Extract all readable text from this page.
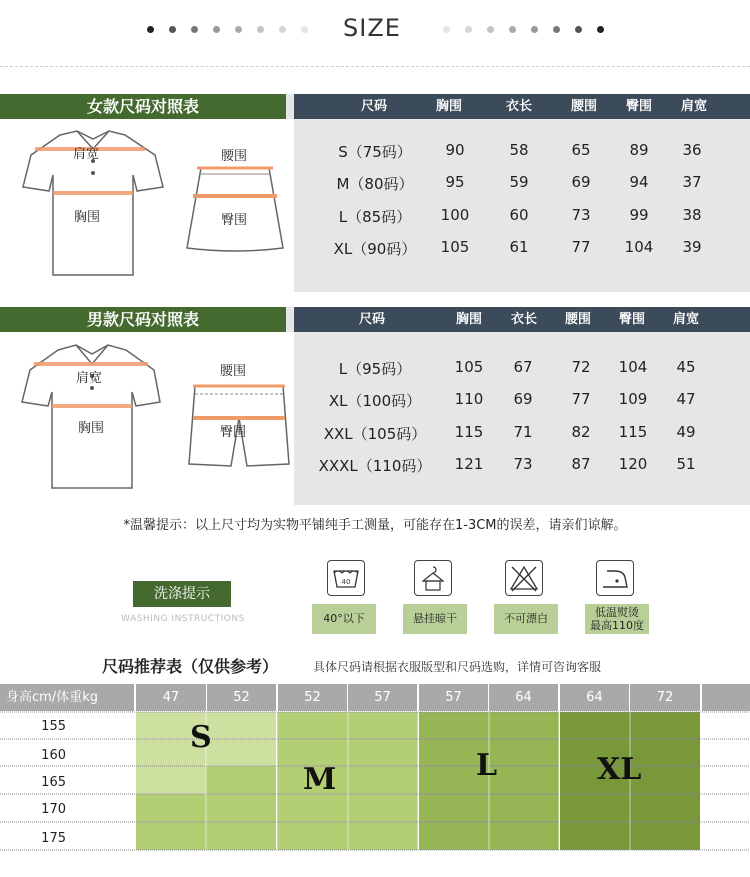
SIZE
女款尺码对照表	尺码	胸围	衣长	腰围	臀围	肩宽
肩宽
胸围
腰围
臀围
S（75码）	90	58	65	89	36
M（80码）	95	59	69	94	37
L（85码）	100	60	73	99	38
XL（90码）	105	61	77	104	39
男款尺码对照表	尺码	胸围	衣长	腰围	臀围	肩宽
肩宽
胸围
腰围
臀围
L（95码）	105	67	72	104	45
XL（100码）	110	69	77	109	47
XXL（105码）	115	71	82	115	49
XXXL（110码）	121	73	87	120	51
*温馨提示：以上尺寸均为实物平铺纯手工测量，可能存在1-3CM的误差，请亲们谅解。
洗涤提示
WASHING INSTRUCTIONS
40
40°以下	悬挂晾干	不可漂白	低温熨烫
最高110度
尺码推荐表（仅供参考）	具体尺码请根据衣服版型和尺码选购，详情可咨询客服
身高cm/体重kg	47	52	52	57	57	64	64	72
155
160
165
170
175
S
M	L	XL
